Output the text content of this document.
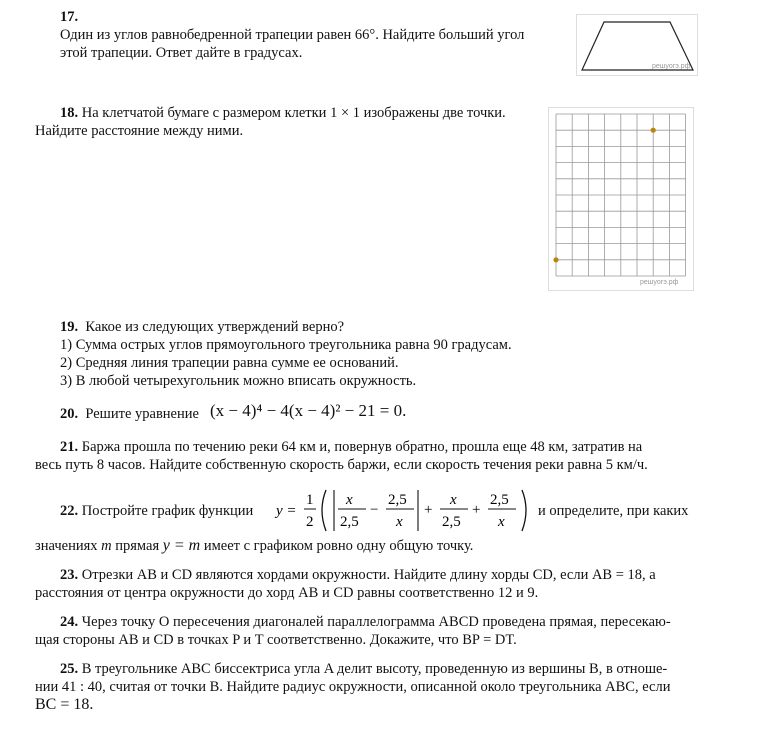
17.
Один из углов равнобедренной трапеции равен 66°. Найдите больший угол
этой трапеции. Ответ дайте в градусах.
решуогэ.рф
18. На клетчатой бумаге с размером клетки 1 × 1 изображены две точки.
Найдите расстояние между ними.
решуогэ.рф
19. Какое из следующих утверждений верно?
1) Сумма острых углов прямоугольного треугольника равна 90 градусам.
2) Средняя линия трапеции равна сумме ее оснований.
3) В любой четырехугольник можно вписать окружность.
20. Решите уравнение (x − 4)⁴ − 4(x − 4)² − 21 = 0.
21. Баржа прошла по течению реки 64 км и, повернув обратно, прошла еще 48 км, затратив на
весь путь 8 часов. Найдите собственную скорость баржи, если скорость течения реки равна 5 км/ч.
22. Постройте график функции y =
1
2
x
2,5
−
2,5
x
+
x
2,5
+
2,5
x
и определите, при каких
значениях m прямая y = m имеет с графиком ровно одну общую точку.
23. Отрезки AB и CD являются хордами окружности. Найдите длину хорды CD, если AB = 18, а
расстояния от центра окружности до хорд AB и CD равны соответственно 12 и 9.
24. Через точку O пересечения диагоналей параллелограмма ABCD проведена прямая, пересекаю-
щая стороны AB и CD в точках P и T соответственно. Докажите, что BP = DT.
25. В треугольнике ABC биссектриса угла A делит высоту, проведенную из вершины B, в отноше-
нии 41 : 40, считая от точки B. Найдите радиус окружности, описанной около треугольника ABC, если
BC = 18.
